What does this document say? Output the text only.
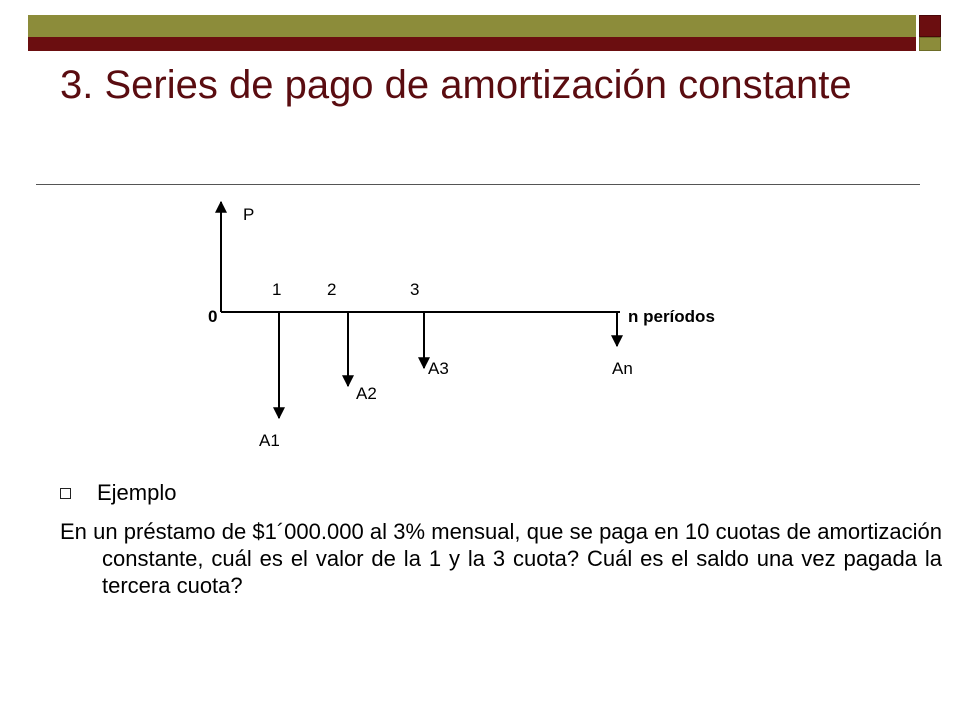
3. Series de pago de amortización constante
P
0
1	2	3
n períodos
A1
A2
A3	An
Ejemplo
En un préstamo de $1´000.000 al 3% mensual, que se paga en 10 cuotas de amortización constante, cuál es el valor de la 1 y la 3 cuota? Cuál es el saldo una vez pagada la tercera cuota?
